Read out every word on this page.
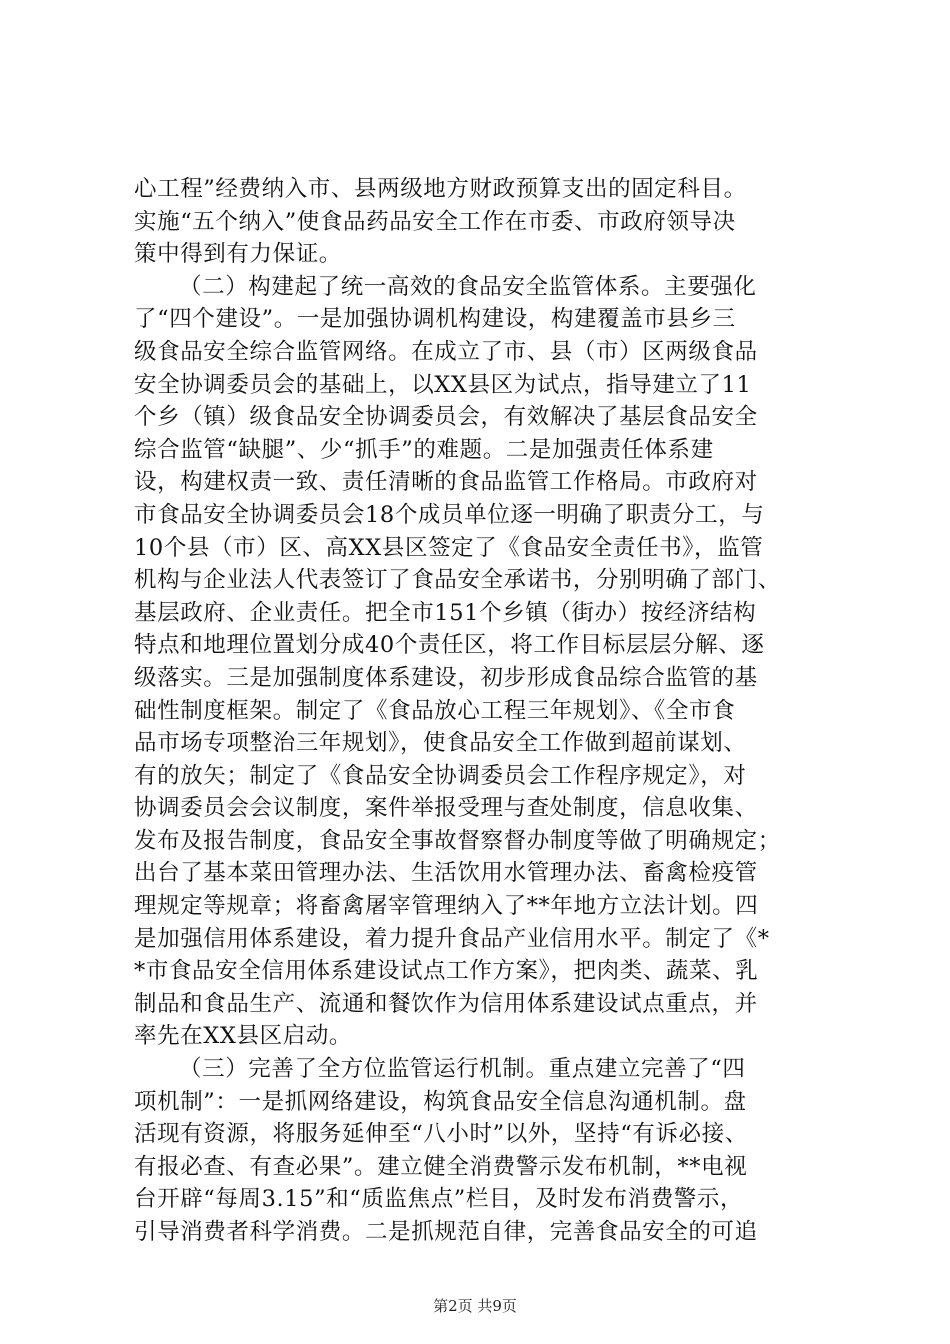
心工程”经费纳入市、县两级地方财政预算支出的固定科目。
实施“五个纳入”使食品药品安全工作在市委、市政府领导决
策中得到有力保证。
（二）构建起了统一高效的食品安全监管体系。主要强化
了“四个建设”。一是加强协调机构建设，构建覆盖市县乡三
级食品安全综合监管网络。在成立了市、县（市）区两级食品
安全协调委员会的基础上，以XX县区为试点，指导建立了11
个乡（镇）级食品安全协调委员会，有效解决了基层食品安全
综合监管“缺腿”、少“抓手”的难题。二是加强责任体系建
设，构建权责一致、责任清晰的食品监管工作格局。市政府对
市食品安全协调委员会18个成员单位逐一明确了职责分工，与
10个县（市）区、高XX县区签定了《食品安全责任书》，监管
机构与企业法人代表签订了食品安全承诺书，分别明确了部门、
基层政府、企业责任。把全市151个乡镇（街办）按经济结构
特点和地理位置划分成40个责任区，将工作目标层层分解、逐
级落实。三是加强制度体系建设，初步形成食品综合监管的基
础性制度框架。制定了《食品放心工程三年规划》、《全市食
品市场专项整治三年规划》，使食品安全工作做到超前谋划、
有的放矢；制定了《食品安全协调委员会工作程序规定》，对
协调委员会会议制度，案件举报受理与查处制度，信息收集、
发布及报告制度，食品安全事故督察督办制度等做了明确规定；
出台了基本菜田管理办法、生活饮用水管理办法、畜禽检疫管
理规定等规章；将畜禽屠宰管理纳入了**年地方立法计划。四
是加强信用体系建设，着力提升食品产业信用水平。制定了《*
*市食品安全信用体系建设试点工作方案》，把肉类、蔬菜、乳
制品和食品生产、流通和餐饮作为信用体系建设试点重点，并
率先在XX县区启动。
（三）完善了全方位监管运行机制。重点建立完善了“四
项机制”：一是抓网络建设，构筑食品安全信息沟通机制。盘
活现有资源，将服务延伸至“八小时”以外，坚持“有诉必接、
有报必查、有查必果”。建立健全消费警示发布机制，**电视
台开辟“每周3.15”和“质监焦点”栏目，及时发布消费警示，
引导消费者科学消费。二是抓规范自律，完善食品安全的可追
第2页 共9页
